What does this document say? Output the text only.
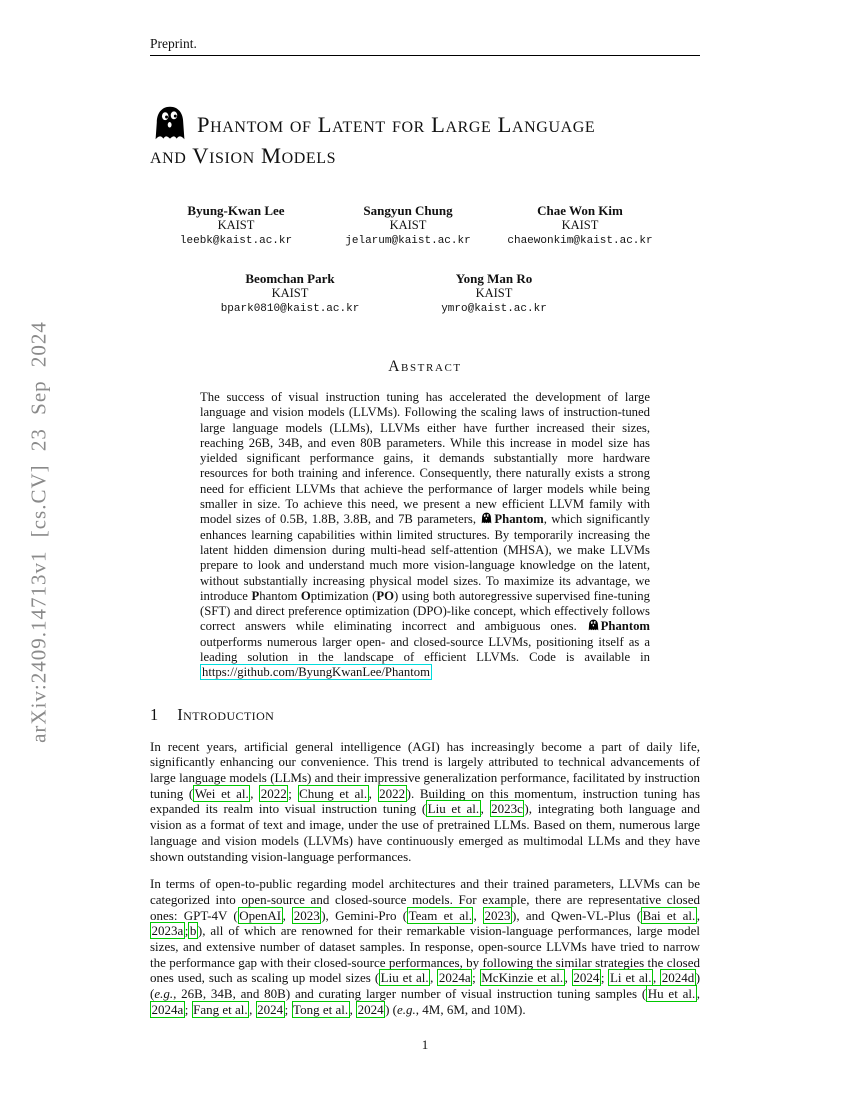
arXiv:2409.14713v1 [cs.CV] 23 Sep 2024
Preprint.
Phantom of Latent for Large Language
and Vision Models
Byung-Kwan Lee
KAIST
leebk@kaist.ac.kr
Sangyun Chung
KAIST
jelarum@kaist.ac.kr
Chae Won Kim
KAIST
chaewonkim@kaist.ac.kr
Beomchan Park
KAIST
bpark0810@kaist.ac.kr
Yong Man Ro
KAIST
ymro@kaist.ac.kr
Abstract
The success of visual instruction tuning has accelerated the development of large language and vision models (LLVMs). Following the scaling laws of instruction-tuned large language models (LLMs), LLVMs either have further increased their sizes, reaching 26B, 34B, and even 80B parameters. While this increase in model size has yielded significant performance gains, it demands substantially more hardware resources for both training and inference. Consequently, there naturally exists a strong need for efficient LLVMs that achieve the performance of larger models while being smaller in size. To achieve this need, we present a new efficient LLVM family with model sizes of 0.5B, 1.8B, 3.8B, and 7B parameters, Phantom, which significantly enhances learning capabilities within limited structures. By temporarily increasing the latent hidden dimension during multi-head self-attention (MHSA), we make LLVMs prepare to look and understand much more vision-language knowledge on the latent, without substantially increasing physical model sizes. To maximize its advantage, we introduce Phantom Optimization (PO) using both autoregressive supervised fine-tuning (SFT) and direct preference optimization (DPO)-like concept, which effectively follows correct answers while eliminating incorrect and ambiguous ones. Phantom outperforms numerous larger open- and closed-source LLVMs, positioning itself as a leading solution in the landscape of efficient LLVMs. Code is available in https://github.com/ByungKwanLee/Phantom
1 Introduction

In recent years, artificial general intelligence (AGI) has increasingly become a part of daily life, significantly enhancing our convenience. This trend is largely attributed to technical advancements of large language models (LLMs) and their impressive generalization performance, facilitated by instruction tuning ( Wei et al. , 2022 ; Chung et al. , 2022 ). Building on this momentum, instruction tuning has expanded its realm into visual instruction tuning ( Liu et al. , 2023c ), integrating both language and vision as a format of text and image, under the use of pretrained LLMs. Based on them, numerous large language and vision models (LLVMs) have continuously emerged as multimodal LLMs and they have shown outstanding vision-language performances.

In terms of open-to-public regarding model architectures and their trained parameters, LLVMs can be categorized into open-source and closed-source models. For example, there are representative closed ones: GPT-4V ( OpenAI , 2023 ), Gemini-Pro ( Team et al. , 2023 ), and Qwen-VL-Plus ( Bai et al. , 2023a ; b ), all of which are renowned for their remarkable vision-language performances, large model sizes, and extensive number of dataset samples. In response, open-source LLVMs have tried to narrow the performance gap with their closed-source performances, by following the similar strategies the closed ones used, such as scaling up model sizes ( Liu et al. , 2024a ; McKinzie et al. , 2024 ; Li et al. , 2024d ) (e.g., 26B, 34B, and 80B) and curating larger number of visual instruction tuning samples ( Hu et al. , 2024a ; Fang et al. , 2024 ; Tong et al. , 2024 ) (e.g., 4M, 6M, and 10M).

1
